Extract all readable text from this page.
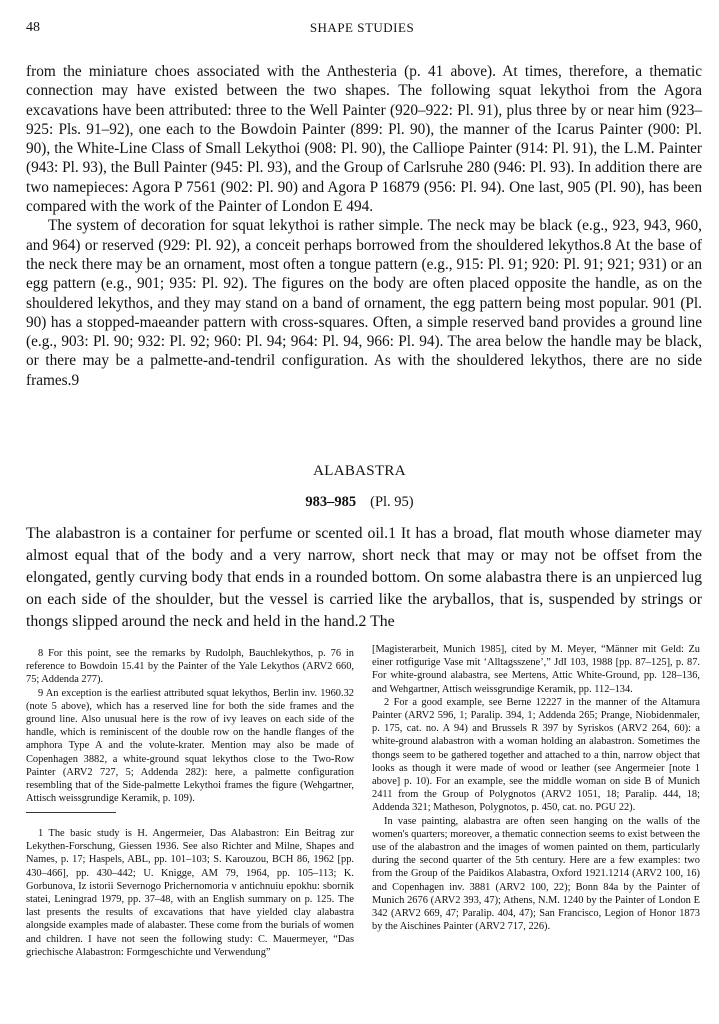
48	SHAPE STUDIES

from the miniature choes associated with the Anthesteria (p. 41 above). At times, therefore, a thematic connection may have existed between the two shapes. The following squat lekythoi from the Agora excavations have been attributed: three to the Well Painter (920–922: Pl. 91), plus three by or near him (923–925: Pls. 91–92), one each to the Bowdoin Painter (899: Pl. 90), the manner of the Icarus Painter (900: Pl. 90), the White-Line Class of Small Lekythoi (908: Pl. 90), the Calliope Painter (914: Pl. 91), the L.M. Painter (943: Pl. 93), the Bull Painter (945: Pl. 93), and the Group of Carlsruhe 280 (946: Pl. 93). In addition there are two namepieces: Agora P 7561 (902: Pl. 90) and Agora P 16879 (956: Pl. 94). One last, 905 (Pl. 90), has been compared with the work of the Painter of London E 494.

The system of decoration for squat lekythoi is rather simple. The neck may be black (e.g., 923, 943, 960, and 964) or reserved (929: Pl. 92), a conceit perhaps borrowed from the shouldered lekythos.8 At the base of the neck there may be an ornament, most often a tongue pattern (e.g., 915: Pl. 91; 920: Pl. 91; 921; 931) or an egg pattern (e.g., 901; 935: Pl. 92). The figures on the body are often placed opposite the handle, as on the shouldered lekythos, and they may stand on a band of ornament, the egg pattern being most popular. 901 (Pl. 90) has a stopped-maeander pattern with cross-squares. Often, a simple reserved band provides a ground line (e.g., 903: Pl. 90; 932: Pl. 92; 960: Pl. 94; 964: Pl. 94, 966: Pl. 94). The area below the handle may be black, or there may be a palmette-and-tendril configuration. As with the shouldered lekythos, there are no side frames.9

ALABASTRA
983–985 (Pl. 95)

The alabastron is a container for perfume or scented oil.1 It has a broad, flat mouth whose diameter may almost equal that of the body and a very narrow, short neck that may or may not be offset from the elongated, gently curving body that ends in a rounded bottom. On some alabastra there is an unpierced lug on each side of the shoulder, but the vessel is carried like the aryballos, that is, suspended by strings or thongs slipped around the neck and held in the hand.2 The

8 For this point, see the remarks by Rudolph, Bauchlekythos, p. 76 in reference to Bowdoin 15.41 by the Painter of the Yale Lekythos (ARV2 660, 75; Addenda 277).

9 An exception is the earliest attributed squat lekythos, Berlin inv. 1960.32 (note 5 above), which has a reserved line for both the side frames and the ground line. Also unusual here is the row of ivy leaves on each side of the handle, which is reminiscent of the double row on the handle flanges of the amphora Type A and the volute-krater. Mention may also be made of Copenhagen 3882, a white-ground squat lekythos close to the Two-Row Painter (ARV2 727, 5; Addenda 282): here, a palmette configuration resembling that of the Side-palmette Lekythoi frames the figure (Wehgartner, Attisch weissgrundige Keramik, p. 109).

1 The basic study is H. Angermeier, Das Alabastron: Ein Beitrag zur Lekythen-Forschung, Giessen 1936. See also Richter and Milne, Shapes and Names, p. 17; Haspels, ABL, pp. 101–103; S. Karouzou, BCH 86, 1962 [pp. 430–466], pp. 430–442; U. Knigge, AM 79, 1964, pp. 105–113; K. Gorbunova, Iz istorii Severnogo Prichernomoria v antichnuiu epokhu: sbornik statei, Leningrad 1979, pp. 37–48, with an English summary on p. 125. The last presents the results of excavations that have yielded clay alabastra alongside examples made of alabaster. These come from the burials of women and children. I have not seen the following study: C. Mauermeyer, “Das griechische Alabastron: Formgeschichte und Verwendung”

[Magisterarbeit, Munich 1985], cited by M. Meyer, “Männer mit Geld: Zu einer rotfigurige Vase mit ‘Alltagsszene’,” JdI 103, 1988 [pp. 87–125], p. 87. For white-ground alabastra, see Mertens, Attic White-Ground, pp. 128–136, and Wehgartner, Attisch weissgrundige Keramik, pp. 112–134.

2 For a good example, see Berne 12227 in the manner of the Altamura Painter (ARV2 596, 1; Paralip. 394, 1; Addenda 265; Prange, Niobidenmaler, p. 175, cat. no. A 94) and Brussels R 397 by Syriskos (ARV2 264, 60): a white-ground alabastron with a woman holding an alabastron. Sometimes the thongs seem to be gathered together and attached to a thin, narrow object that looks as though it were made of wood or leather (see Angermeier [note 1 above] p. 10). For an example, see the middle woman on side B of Munich 2411 from the Group of Polygnotos (ARV2 1051, 18; Paralip. 444, 18; Addenda 321; Matheson, Polygnotos, p. 450, cat. no. PGU 22).

In vase painting, alabastra are often seen hanging on the walls of the women's quarters; moreover, a thematic connection seems to exist between the use of the alabastron and the images of women painted on them, particularly during the second quarter of the 5th century. Here are a few examples: two from the Group of the Paidikos Alabastra, Oxford 1921.1214 (ARV2 100, 16) and Copenhagen inv. 3881 (ARV2 100, 22); Bonn 84a by the Painter of Munich 2676 (ARV2 393, 47); Athens, N.M. 1240 by the Painter of London E 342 (ARV2 669, 47; Paralip. 404, 47); San Francisco, Legion of Honor 1873 by the Aischines Painter (ARV2 717, 226).
